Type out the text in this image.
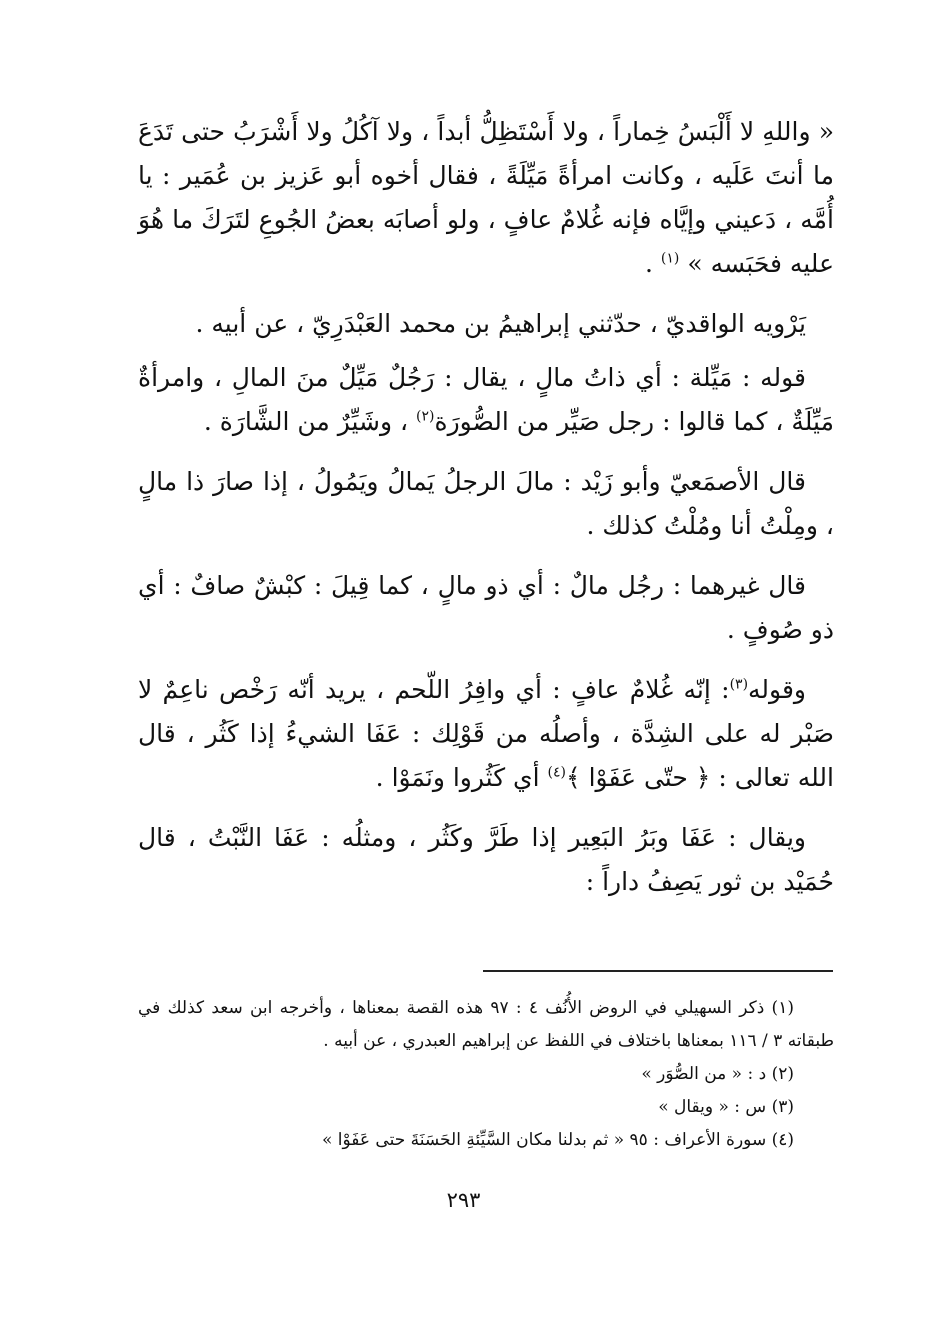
« واللهِ لا أَلْبَسُ خِماراً ، ولا أَسْتَظِلُّ أبداً ، ولا آكُلُ ولا أَشْرَبُ حتى تَدَعَ ما أنتَ عَلَيه ، وكانت امرأةً مَيِّلَةً ، فقال أخوه أبو عَزيز بن عُمَير : يا أُمَّه ، دَعيني وإيَّاه فإنه غُلامٌ عافٍ ، ولو أصابَه بعضُ الجُوعِ لتَرَكَ ما هُوَ عليه فحَبَسه » $^{(١)}$ .

يَرْويه الواقديّ ، حدّثني إبراهيمُ بن محمد العَبْدَرِيّ ، عن أبيه .

قوله : مَيِّلة : أي ذاتُ مالٍ ، يقال : رَجُلٌ مَيِّلٌ منَ المالِ ، وامرأةٌ مَيِّلَةٌ ، كما قالوا : رجل صَيِّر من الصُّورَة$^{(٢)}$ ، وشَيِّرٌ من الشَّارَة .

قال الأصمَعيّ وأبو زَيْد : مالَ الرجلُ يَمالُ ويَمُولُ ، إذا صارَ ذا مالٍ ، ومِلْتُ أنا ومُلْتُ كذلك .

قال غيرهما : رجُل مالٌ : أي ذو مالٍ ، كما قِيلَ : كبْشٌ صافٌ : أي ذو صُوفٍ .

وقوله$^{(٣)}$: إنّه غُلامٌ عافٍ : أي وافِرُ اللّحم ، يريد أنّه رَخْص ناعِمٌ لا صَبْر له على الشِدَّة ، وأصلُه من قَوْلِك : عَفَا الشيءُ إذا كَثُر ، قال الله تعالى : ﴿ حتّى عَفَوْا ﴾$^{(٤)}$ أي كَثُروا ونَمَوْا .

ويقال : عَفَا وبَرُ البَعِير إذا طَرَّ وكَثُر ، ومثلُه : عَفَا النَّبْتُ ، قال حُمَيْد بن ثور يَصِفُ داراً :

(١) ذكر السهيلي في الروض الأُنُف ٤ : ٩٧ هذه القصة بمعناها ، وأخرجه ابن سعد كذلك في طبقاته ٣ / ١١٦ بمعناها باختلاف في اللفظ عن إبراهيم العبدري ، عن أبيه .

(٢) د : « من الصُّوَر »

(٣) س : « ويقال »

(٤) سورة الأعراف : ٩٥ « ثم بدلنا مكان السَّيِّئةِ الحَسَنَةَ حتى عَفَوْا »

٢٩٣
